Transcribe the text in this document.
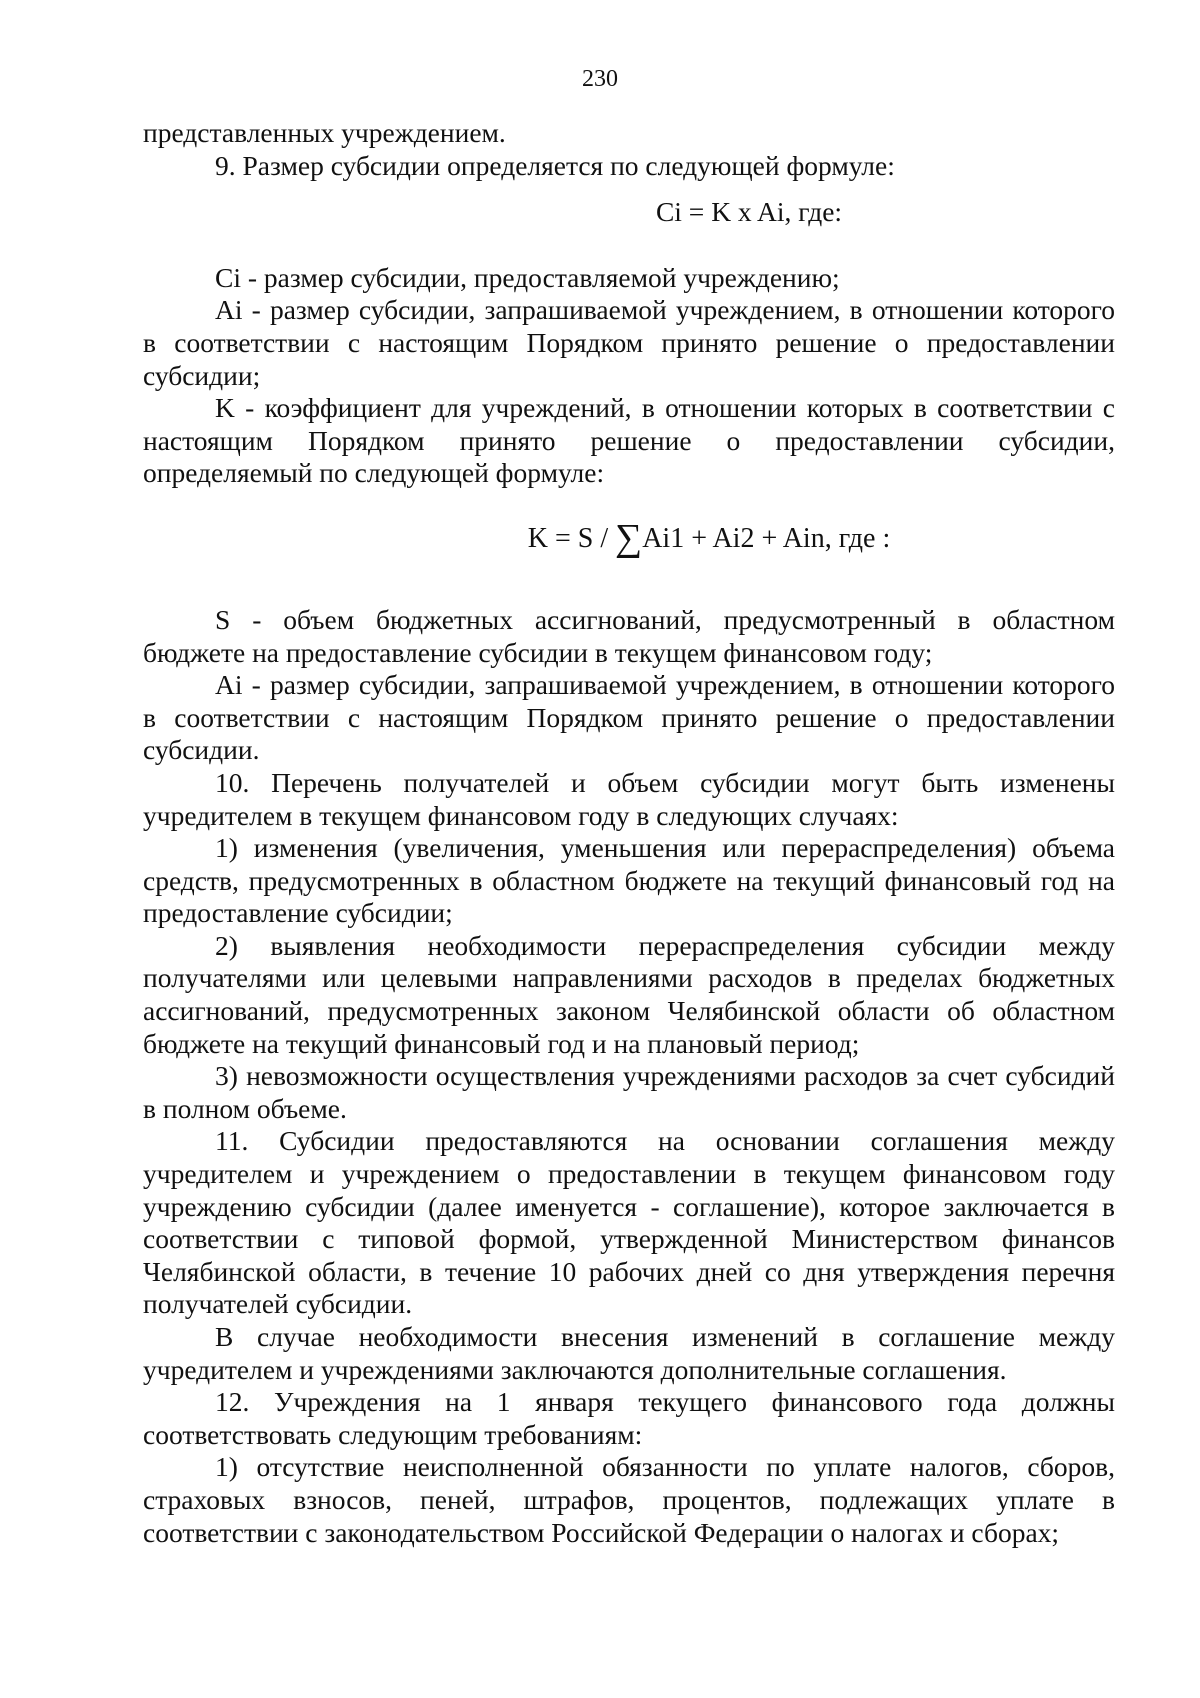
230

представленных учреждением.

9. Размер субсидии определяется по следующей формуле:

Ci = K x Ai, где:

Ci - размер субсидии, предоставляемой учреждению;

Ai - размер субсидии, запрашиваемой учреждением, в отношении которого в соответствии с настоящим Порядком принято решение о предоставлении субсидии;

K - коэффициент для учреждений, в отношении которых в соответствии с настоящим Порядком принято решение о предоставлении субсидии, определяемый по следующей формуле:

K = S / ∑Ai1 + Ai2 + Ain, где :

S - объем бюджетных ассигнований, предусмотренный в областном бюджете на предоставление субсидии в текущем финансовом году;

Ai - размер субсидии, запрашиваемой учреждением, в отношении которого в соответствии с настоящим Порядком принято решение о предоставлении субсидии.

10. Перечень получателей и объем субсидии могут быть изменены учредителем в текущем финансовом году в следующих случаях:

1) изменения (увеличения, уменьшения или перераспределения) объема средств, предусмотренных в областном бюджете на текущий финансовый год на предоставление субсидии;

2) выявления необходимости перераспределения субсидии между получателями или целевыми направлениями расходов в пределах бюджетных ассигнований, предусмотренных законом Челябинской области об областном бюджете на текущий финансовый год и на плановый период;

3) невозможности осуществления учреждениями расходов за счет субсидий в полном объеме.

11. Субсидии предоставляются на основании соглашения между учредителем и учреждением о предоставлении в текущем финансовом году учреждению субсидии (далее именуется - соглашение), которое заключается в соответствии с типовой формой, утвержденной Министерством финансов Челябинской области, в течение 10 рабочих дней со дня утверждения перечня получателей субсидии.

В случае необходимости внесения изменений в соглашение между учредителем и учреждениями заключаются дополнительные соглашения.

12. Учреждения на 1 января текущего финансового года должны соответствовать следующим требованиям:

1) отсутствие неисполненной обязанности по уплате налогов, сборов, страховых взносов, пеней, штрафов, процентов, подлежащих уплате в соответствии с законодательством Российской Федерации о налогах и сборах;
